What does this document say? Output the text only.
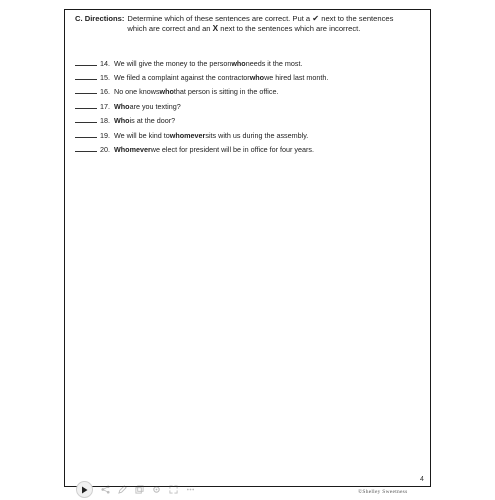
C. Directions: Determine which of these sentences are correct. Put a ✔ next to the sentences which are correct and an X next to the sentences which are incorrect.
14. We will give the money to the person who needs it the most.
15. We filed a complaint against the contractor who we hired last month.
16. No one knows who that person is sitting in the office.
17. Who are you texting?
18. Who is at the door?
19. We will be kind to whomever sits with us during the assembly.
20. Whomever we elect for president will be in office for four years.
4
©Shelley Sweetness
